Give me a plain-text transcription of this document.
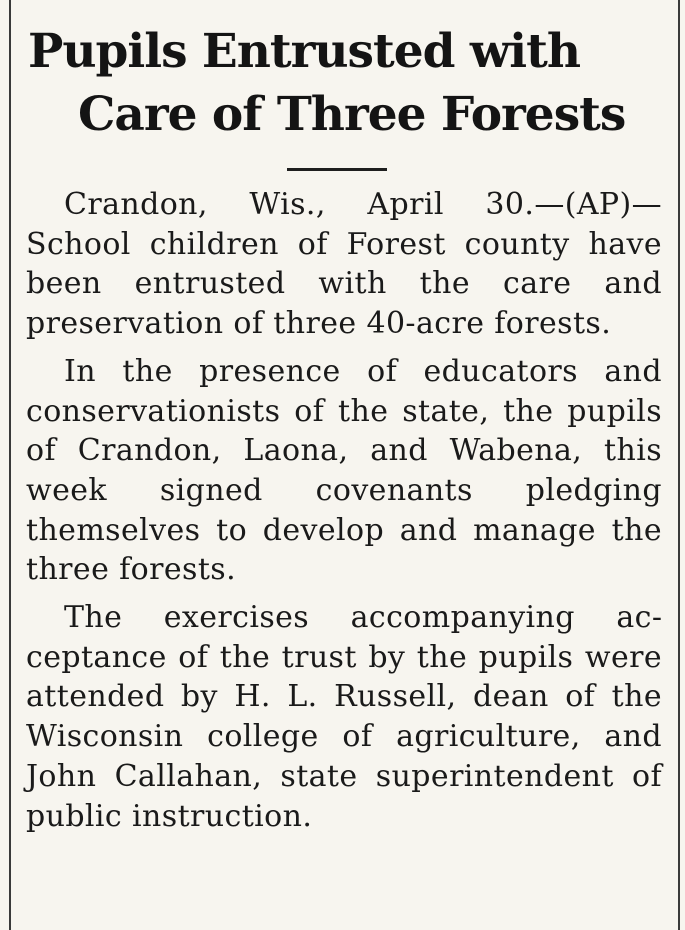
Pupils Entrusted with
Care of Three Forests

Crandon, Wis., April 30.—(AP)— School children of Forest county have been entrusted with the care and preservation of three 40-acre forests.

In the presence of educators and conservationists of the state, the pupils of Crandon, Laona, and Wabena, this week signed covenants pledging themselves to develop and manage the three forests.

The exercises accompanying acceptance of the trust by the pupils were attended by H. L. Russell, dean of the Wisconsin college of agriculture, and John Callahan, state superintendent of public instruction.
